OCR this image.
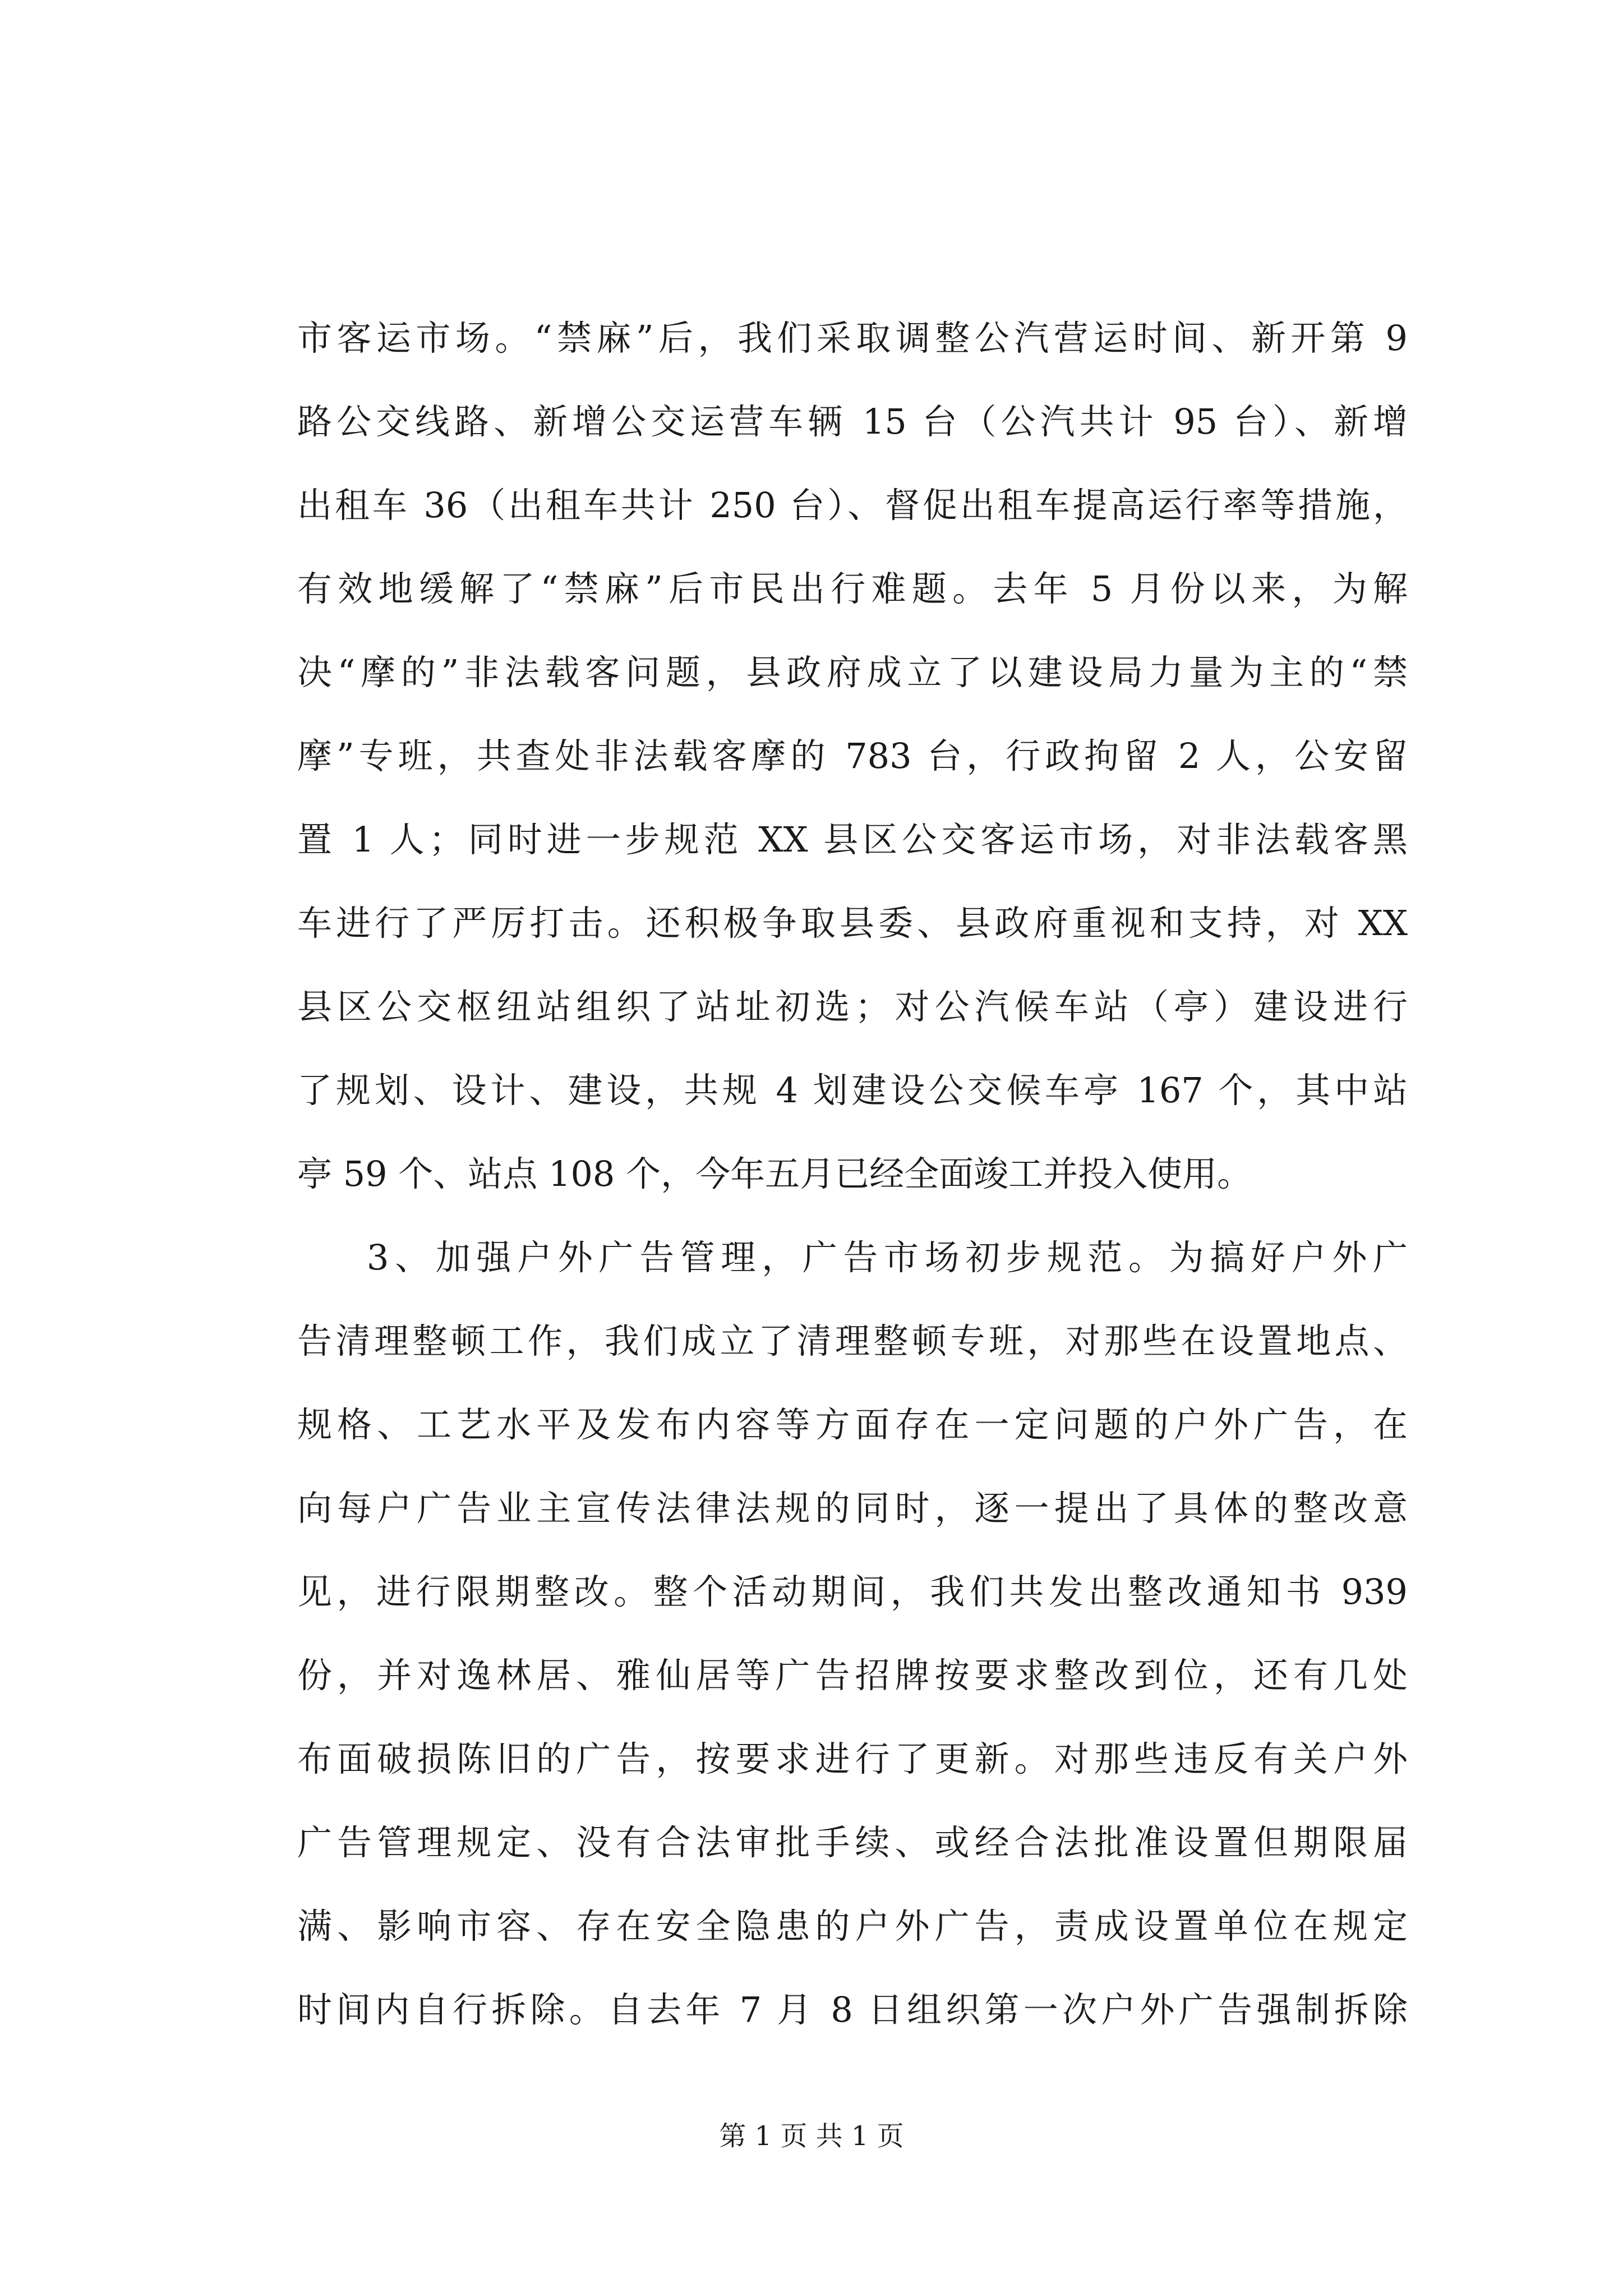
市客运市场。“禁麻”后，我们采取调整公汽营运时间、新开第 9
路公交线路、新增公交运营车辆 15 台（公汽共计 95 台）、新增
出租车 36（出租车共计 250 台）、督促出租车提高运行率等措施，
有效地缓解了“禁麻”后市民出行难题。去年 5 月份以来，为解
决“摩的”非法载客问题，县政府成立了以建设局力量为主的“禁
摩”专班，共查处非法载客摩的 783 台，行政拘留 2 人，公安留
置 1 人；同时进一步规范 XX 县区公交客运市场，对非法载客黑
车进行了严厉打击。还积极争取县委、县政府重视和支持，对 XX
县区公交枢纽站组织了站址初选；对公汽候车站（亭）建设进行
了规划、设计、建设，共规 4 划建设公交候车亭 167 个，其中站
亭 59 个、站点 108 个，今年五月已经全面竣工并投入使用。
3、加强户外广告管理，广告市场初步规范。为搞好户外广
告清理整顿工作，我们成立了清理整顿专班，对那些在设置地点、
规格、工艺水平及发布内容等方面存在一定问题的户外广告，在
向每户广告业主宣传法律法规的同时，逐一提出了具体的整改意
见，进行限期整改。整个活动期间，我们共发出整改通知书 939
份，并对逸林居、雅仙居等广告招牌按要求整改到位，还有几处
布面破损陈旧的广告，按要求进行了更新。对那些违反有关户外
广告管理规定、没有合法审批手续、或经合法批准设置但期限届
满、影响市容、存在安全隐患的户外广告，责成设置单位在规定
时间内自行拆除。自去年 7 月 8 日组织第一次户外广告强制拆除
第 1 页 共 1 页
